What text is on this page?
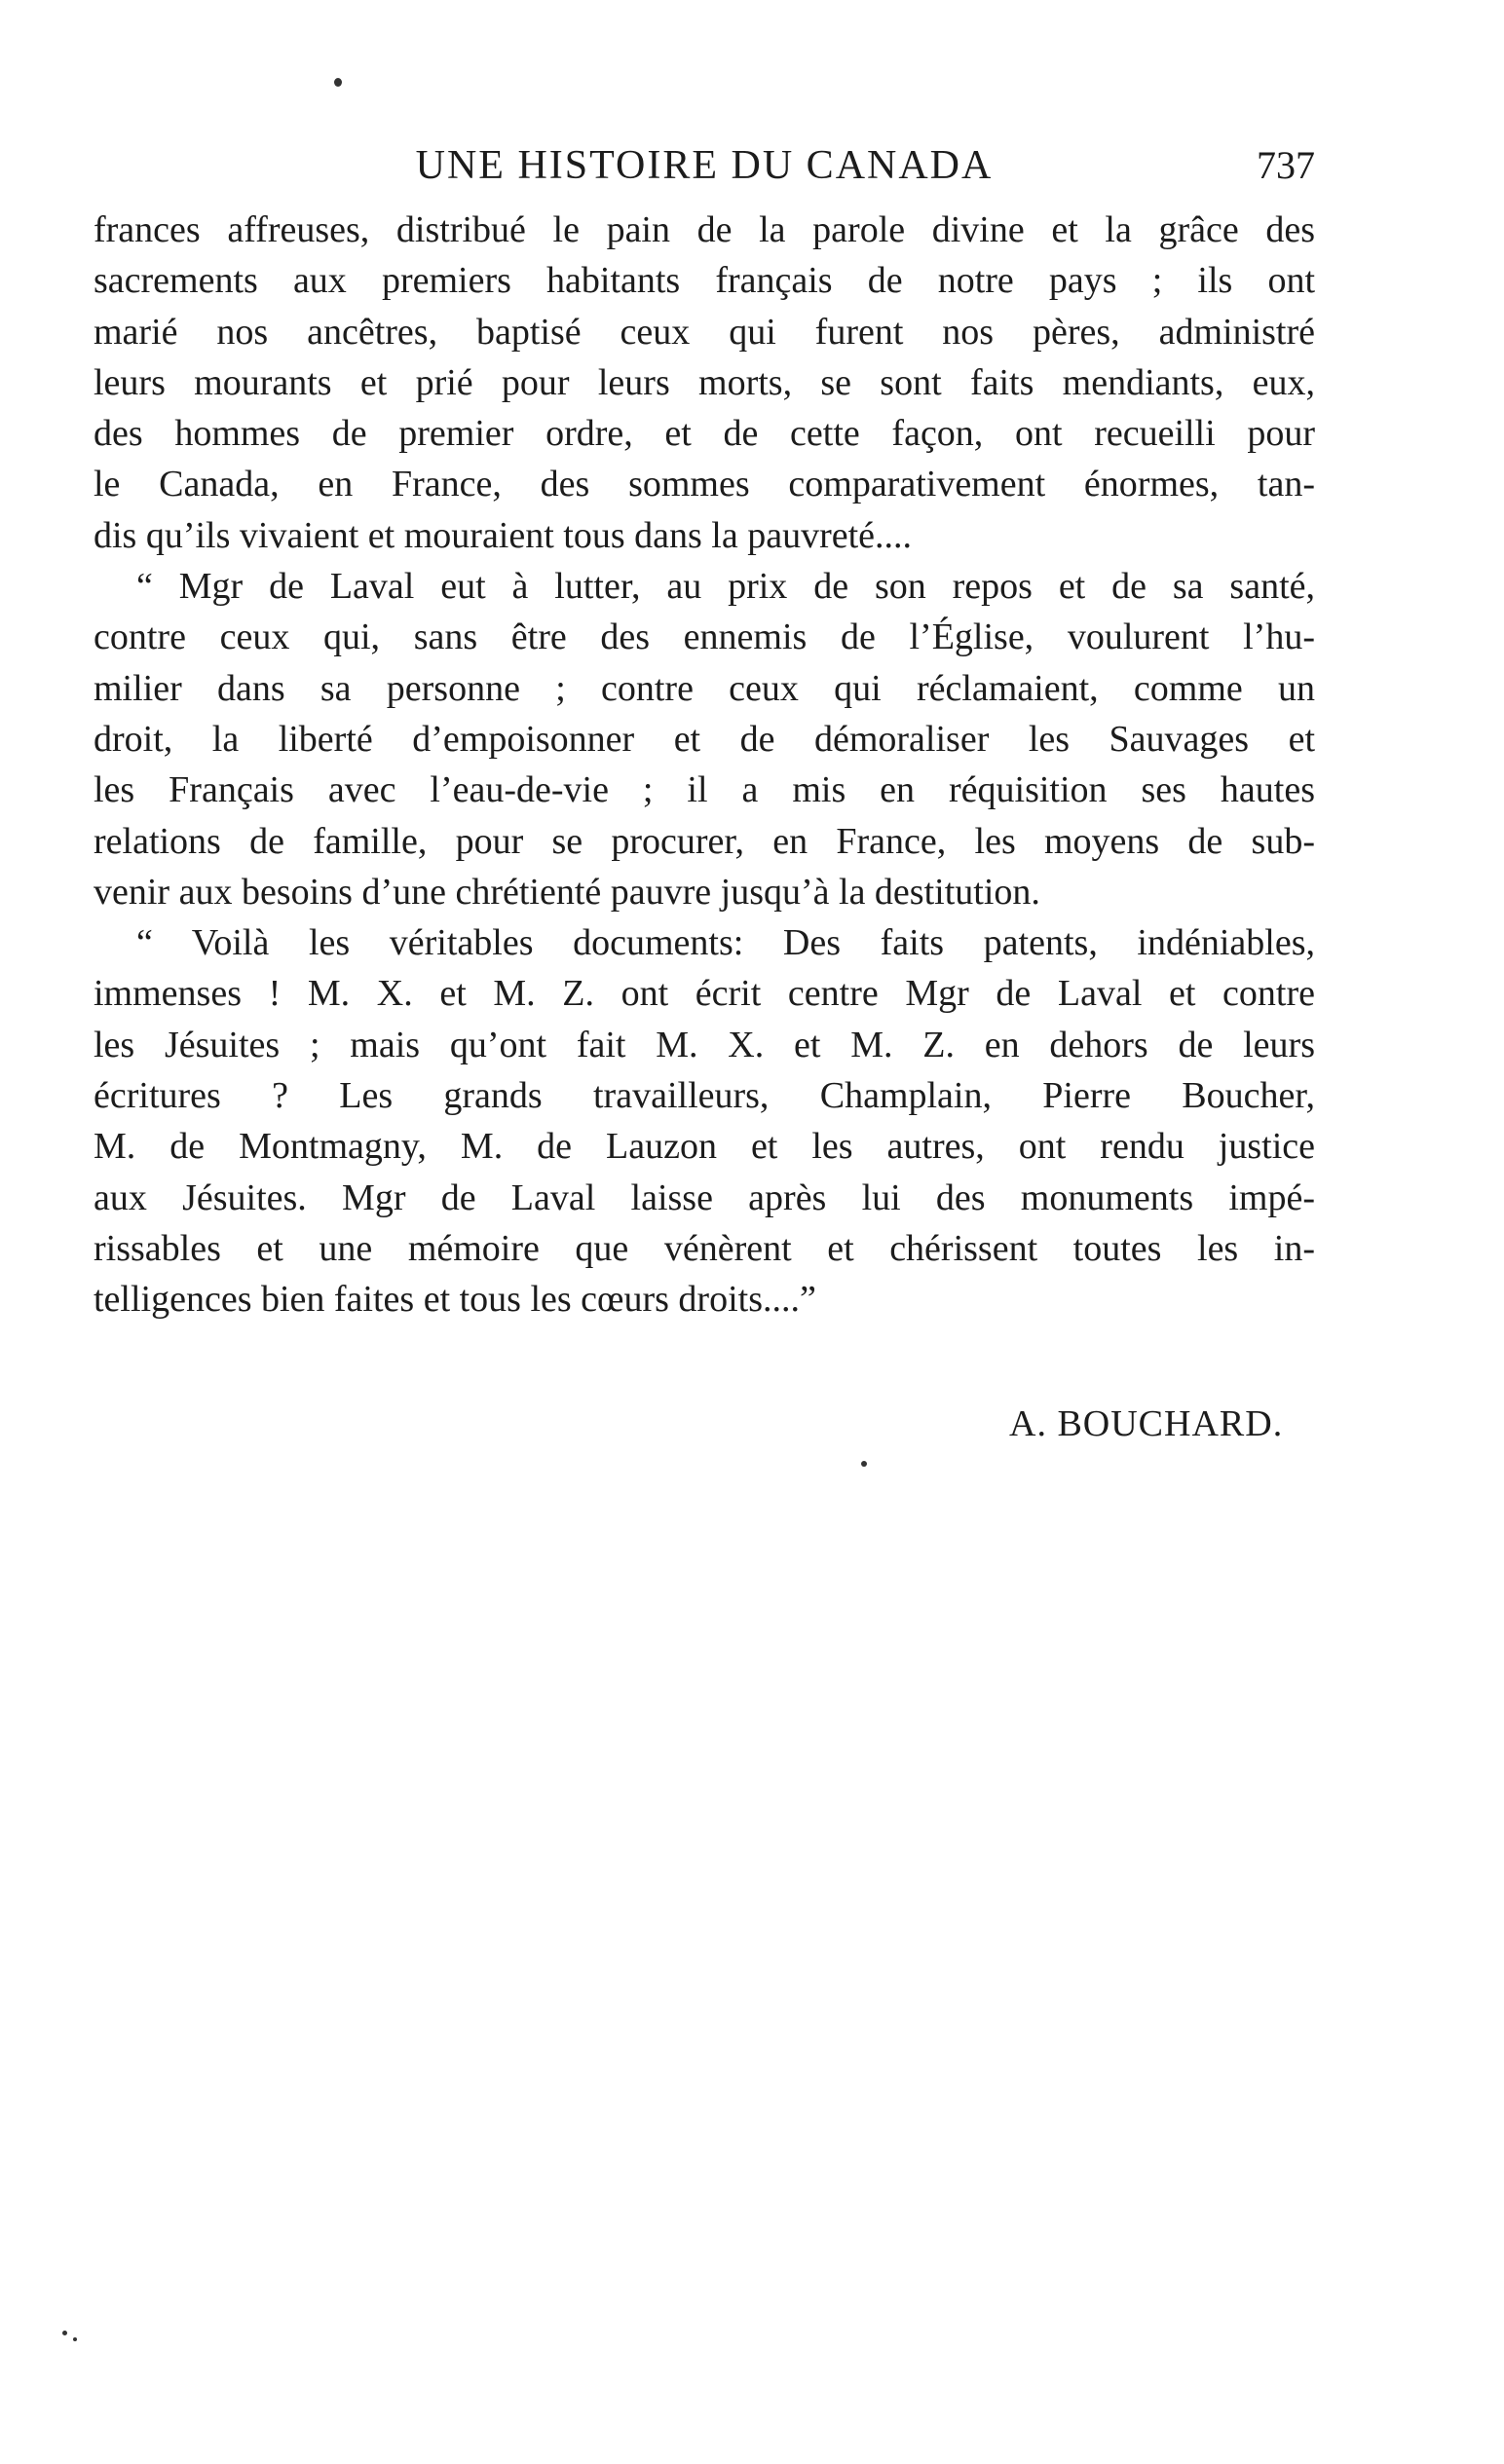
UNE HISTOIRE DU CANADA	737
frances affreuses, distribué le pain de la parole divine et la grâce des
sacrements aux premiers habitants français de notre pays ; ils ont
marié nos ancêtres, baptisé ceux qui furent nos pères, administré
leurs mourants et prié pour leurs morts, se sont faits mendiants, eux,
des hommes de premier ordre, et de cette façon, ont recueilli pour
le Canada, en France, des sommes comparativement énormes, tan-
dis qu’ils vivaient et mouraient tous dans la pauvreté....
“ Mgr de Laval eut à lutter, au prix de son repos et de sa santé,
contre ceux qui, sans être des ennemis de l’Église, voulurent l’hu-
milier dans sa personne ; contre ceux qui réclamaient, comme un
droit, la liberté d’empoisonner et de démoraliser les Sauvages et
les Français avec l’eau-de-vie ; il a mis en réquisition ses hautes
relations de famille, pour se procurer, en France, les moyens de sub-
venir aux besoins d’une chrétienté pauvre jusqu’à la destitution.
“ Voilà les véritables documents: Des faits patents, indéniables,
immenses ! M. X. et M. Z. ont écrit centre Mgr de Laval et contre
les Jésuites ; mais qu’ont fait M. X. et M. Z. en dehors de leurs
écritures ? Les grands travailleurs, Champlain, Pierre Boucher,
M. de Montmagny, M. de Lauzon et les autres, ont rendu justice
aux Jésuites. Mgr de Laval laisse après lui des monuments impé-
rissables et une mémoire que vénèrent et chérissent toutes les in-
telligences bien faites et tous les cœurs droits....”
A. BOUCHARD.
